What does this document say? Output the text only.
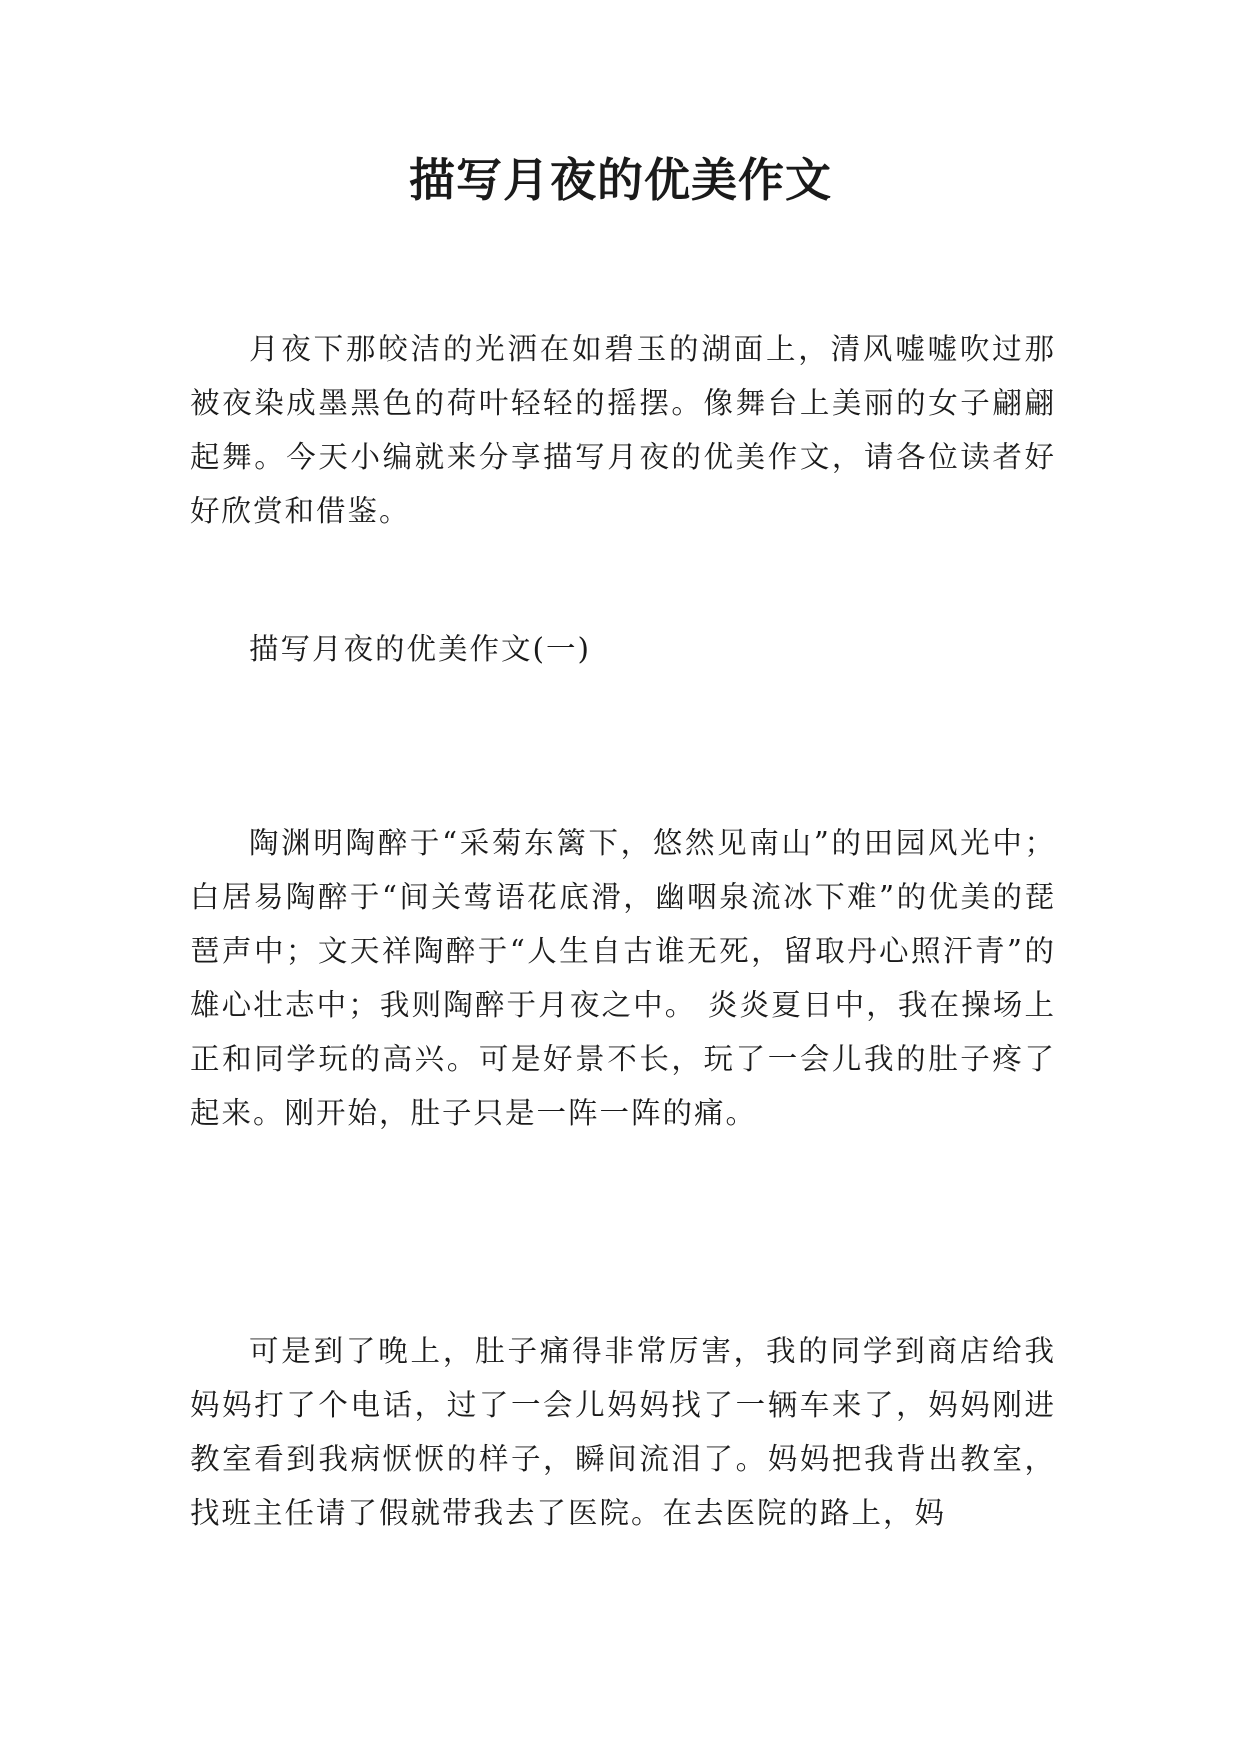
描写月夜的优美作文

月夜下那皎洁的光洒在如碧玉的湖面上，清风嘘嘘吹过那被夜染成墨黑色的荷叶轻轻的摇摆。像舞台上美丽的女子翩翩起舞。今天小编就来分享描写月夜的优美作文，请各位读者好好欣赏和借鉴。

描写月夜的优美作文(一)

陶渊明陶醉于“采菊东篱下，悠然见南山”的田园风光中；白居易陶醉于“间关莺语花底滑，幽咽泉流冰下难”的优美的琵琶声中；文天祥陶醉于“人生自古谁无死，留取丹心照汗青”的雄心壮志中；我则陶醉于月夜之中。 炎炎夏日中，我在操场上正和同学玩的高兴。可是好景不长，玩了一会儿我的肚子疼了起来。刚开始，肚子只是一阵一阵的痛。

可是到了晚上，肚子痛得非常厉害，我的同学到商店给我妈妈打了个电话，过了一会儿妈妈找了一辆车来了，妈妈刚进教室看到我病恹恹的样子，瞬间流泪了。妈妈把我背出教室，找班主任请了假就带我去了医院。在去医院的路上，妈
